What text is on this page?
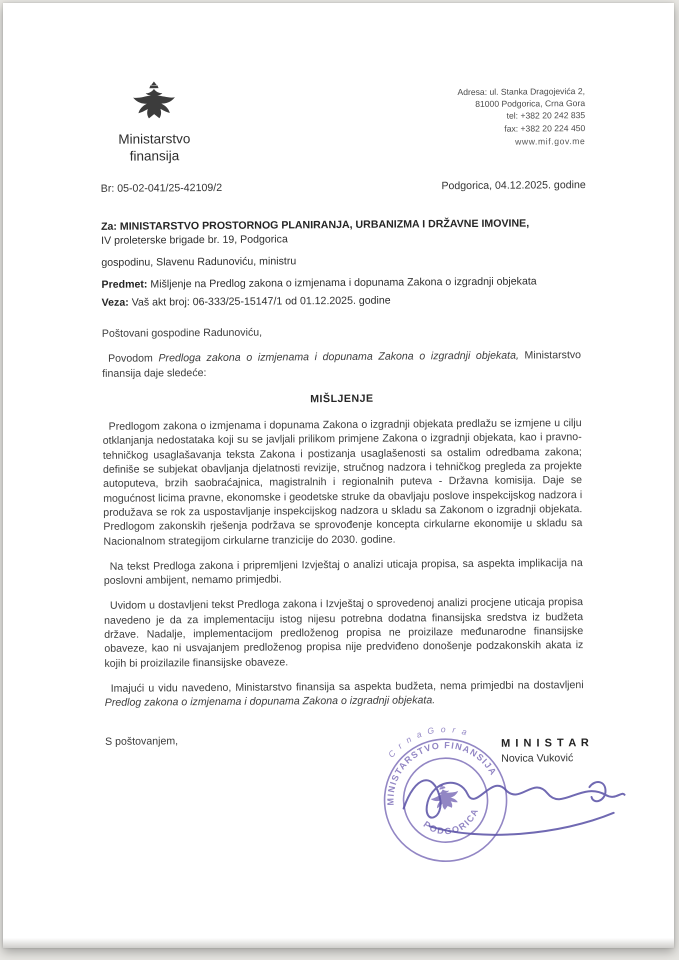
Ministarstvo
finansija
Adresa: ul. Stanka Dragojevića 2,
81000 Podgorica, Crna Gora
tel: +382 20 242 835
fax: +382 20 224 450
www.mif.gov.me
Podgorica, 04.12.2025. godine
Br: 05-02-041/25-42109/2
Za: MINISTARSTVO PROSTORNOG PLANIRANJA, URBANIZMA I DRŽAVNE IMOVINE,
IV proleterske brigade br. 19, Podgorica
gospodinu, Slavenu Radunoviću, ministru
Predmet: Mišljenje na Predlog zakona o izmjenama i dopunama Zakona o izgradnji objekata
Veza: Vaš akt broj: 06-333/25-15147/1 od 01.12.2025. godine

Poštovani gospodine Radunoviću,

Povodom Predloga zakona o izmjenama i dopunama Zakona o izgradnji objekata, Ministarstvo finansija daje sledeće:

MIŠLJENJE

Predlogom zakona o izmjenama i dopunama Zakona o izgradnji objekata predlažu se izmjene u cilju otklanjanja nedostataka koji su se javljali prilikom primjene Zakona o izgradnji objekata, kao i pravno-tehničkog usaglašavanja teksta Zakona i postizanja usaglašenosti sa ostalim odredbama zakona; definiše se subjekat obavljanja djelatnosti revizije, stručnog nadzora i tehničkog pregleda za projekte autoputeva, brzih saobraćajnica, magistralnih i regionalnih puteva - Državna komisija. Daje se mogućnost licima pravne, ekonomske i geodetske struke da obavljaju poslove inspekcijskog nadzora i produžava se rok za uspostavljanje inspekcijskog nadzora u skladu sa Zakonom o izgradnji objekata. Predlogom zakonskih rješenja podržava se sprovođenje koncepta cirkularne ekonomije u skladu sa Nacionalnom strategijom cirkularne tranzicije do 2030. godine.

Na tekst Predloga zakona i pripremljeni Izvještaj o analizi uticaja propisa, sa aspekta implikacija na poslovni ambijent, nemamo primjedbi.

Uvidom u dostavljeni tekst Predloga zakona i Izvještaj o sprovedenoj analizi procjene uticaja propisa navedeno je da za implementaciju istog nijesu potrebna dodatna finansijska sredstva iz budžeta države. Nadalje, implementacijom predloženog propisa ne proizilaze međunarodne finansijske obaveze, kao ni usvajanjem predloženog propisa nije predviđeno donošenje podzakonskih akata iz kojih bi proizilazile finansijske obaveze.

Imajući u vidu navedeno, Ministarstvo finansija sa aspekta budžeta, nema primjedbi na dostavljeni Predlog zakona o izmjenama i dopunama Zakona o izgradnji objekata.

S poštovanjem,

C r n a G o r a
MINISTARSTVO FINANSIJA
PODGORICA
M I N I S T A R
Novica Vuković
